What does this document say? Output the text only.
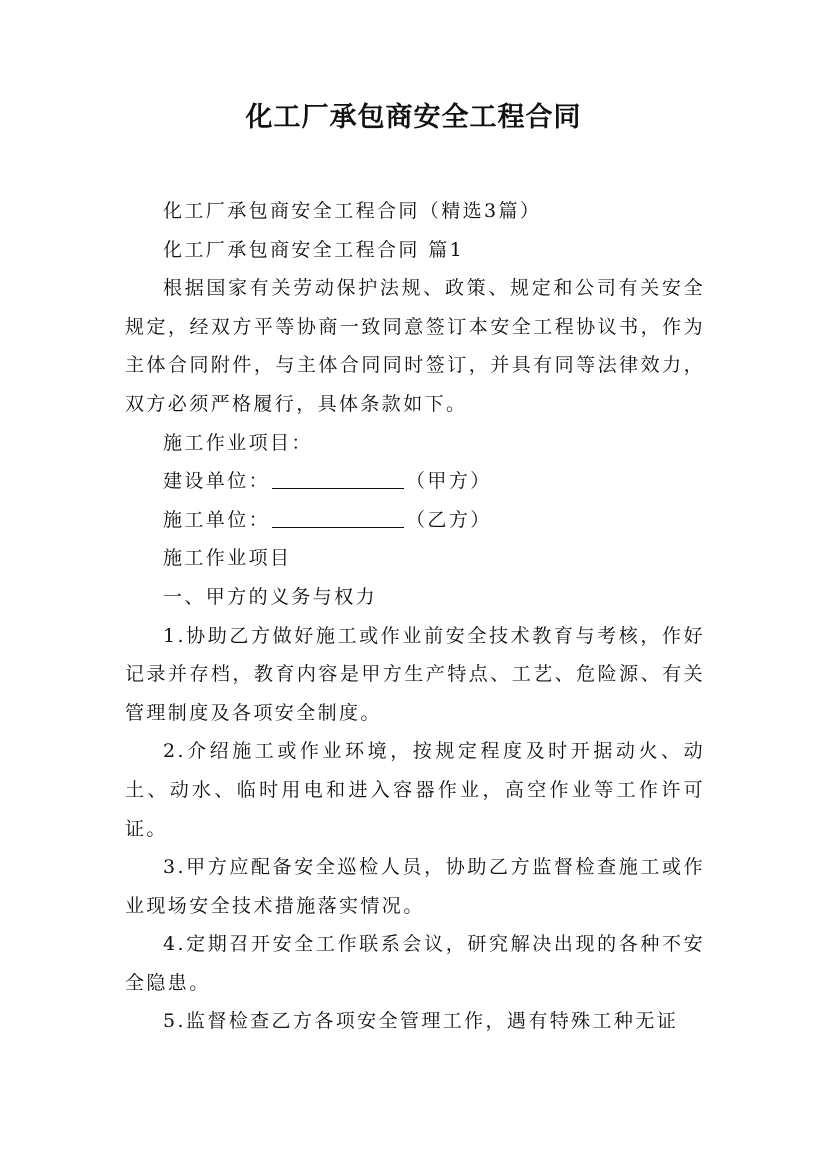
化工厂承包商安全工程合同

化工厂承包商安全工程合同（精选3篇）

化工厂承包商安全工程合同 篇1

根据国家有关劳动保护法规、政策、规定和公司有关安全规定，经双方平等协商一致同意签订本安全工程协议书，作为主体合同附件，与主体合同同时签订，并具有同等法律效力，双方必须严格履行，具体条款如下。

施工作业项目：

建设单位：	（甲方）

施工单位：	（乙方）

施工作业项目

一、甲方的义务与权力

1.协助乙方做好施工或作业前安全技术教育与考核，作好记录并存档，教育内容是甲方生产特点、工艺、危险源、有关管理制度及各项安全制度。

2.介绍施工或作业环境，按规定程度及时开据动火、动土、动水、临时用电和进入容器作业，高空作业等工作许可证。

3.甲方应配备安全巡检人员，协助乙方监督检查施工或作业现场安全技术措施落实情况。

4.定期召开安全工作联系会议，研究解决出现的各种不安全隐患。

5.监督检查乙方各项安全管理工作，遇有特殊工种无证
